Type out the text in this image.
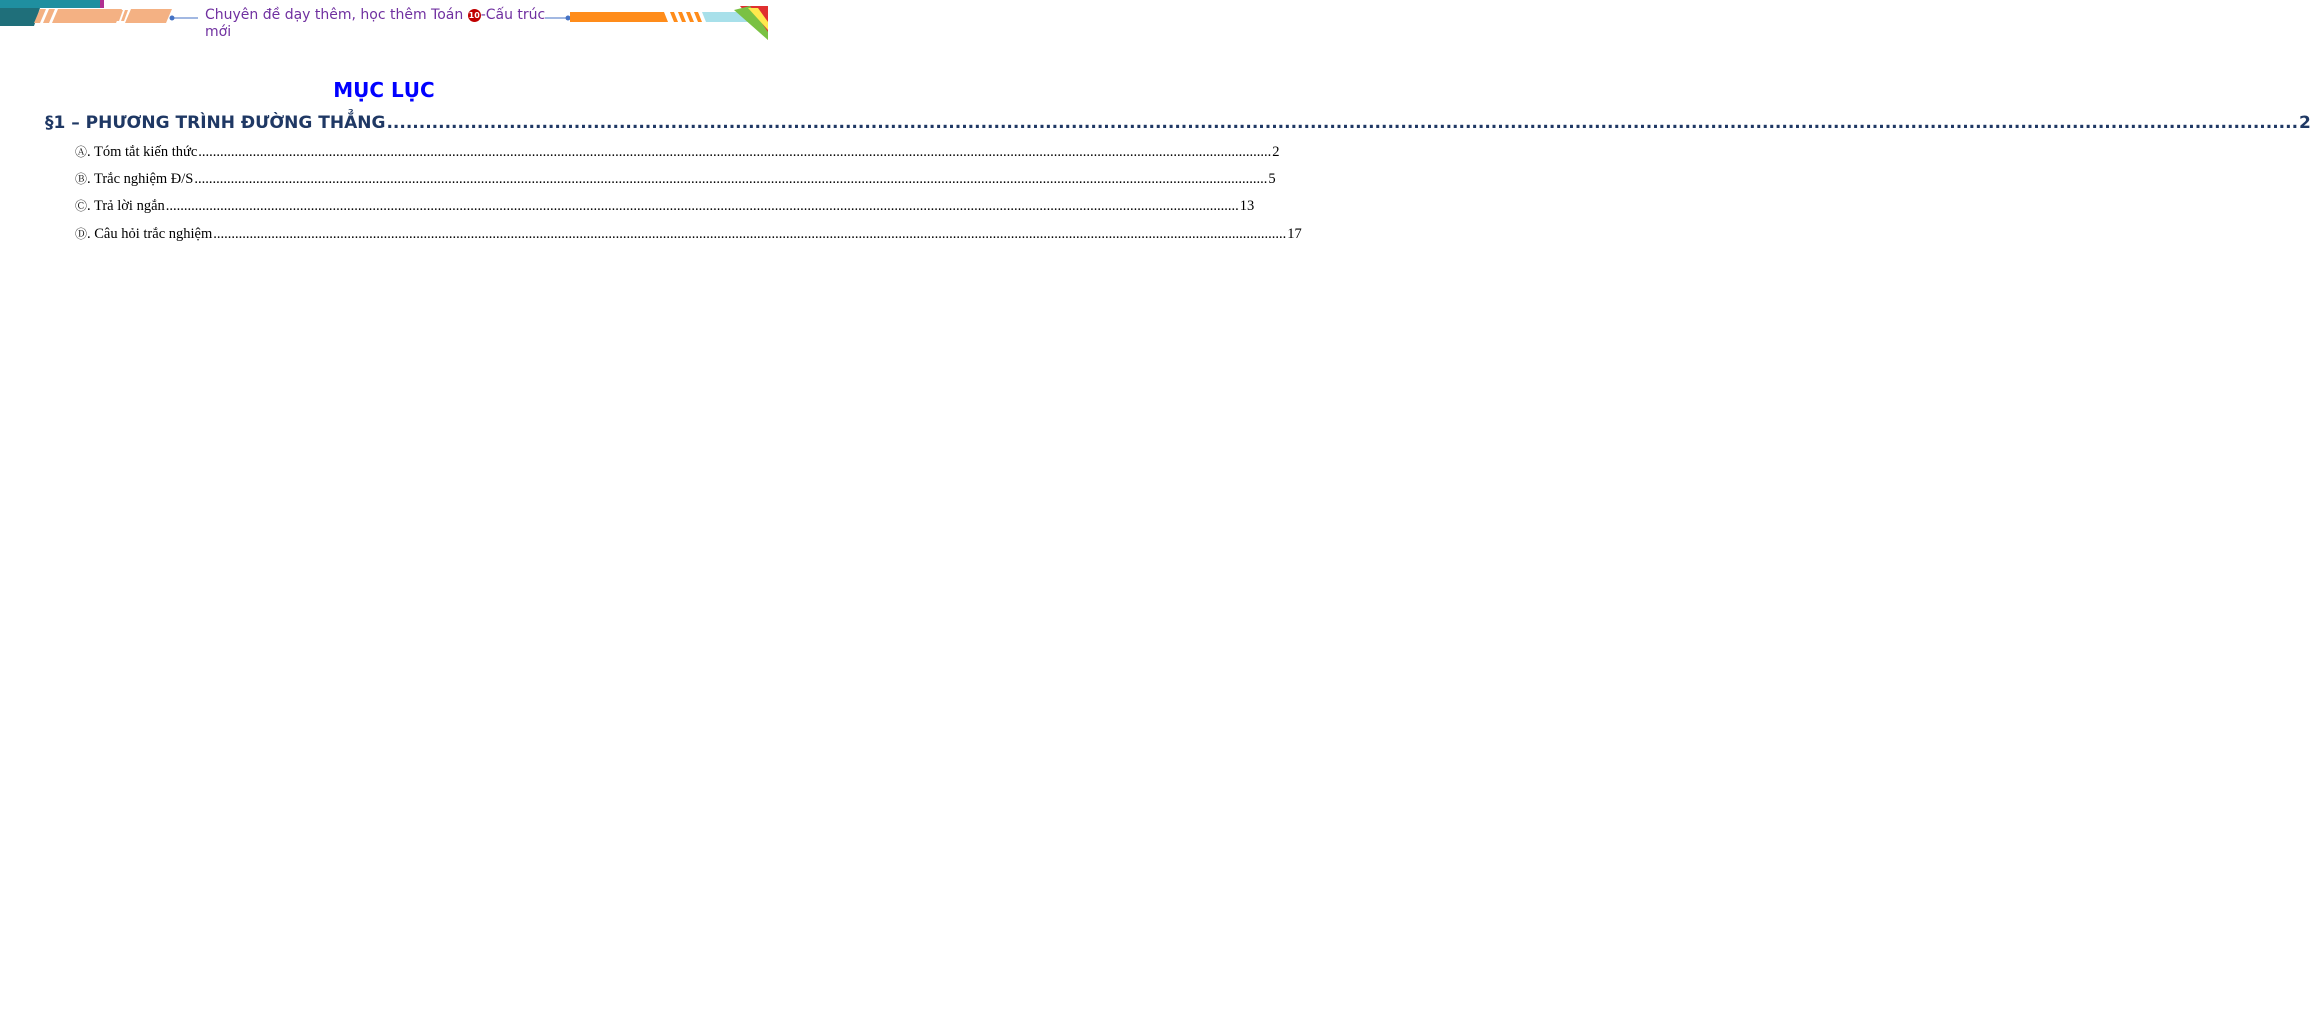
Chuyên đề dạy thêm, học thêm Toán 10-Cấu trúc mới
MỤC LỤC
§1 – PHƯƠNG TRÌNH ĐƯỜNG THẲNG .....	2
Ⓐ . Tóm tắt kiến thức .....	2
Ⓑ . Trắc nghiệm Đ/S .....	5
Ⓒ . Trả lời ngắn .....	13
Ⓓ . Câu hỏi trắc nghiệm .....	17
